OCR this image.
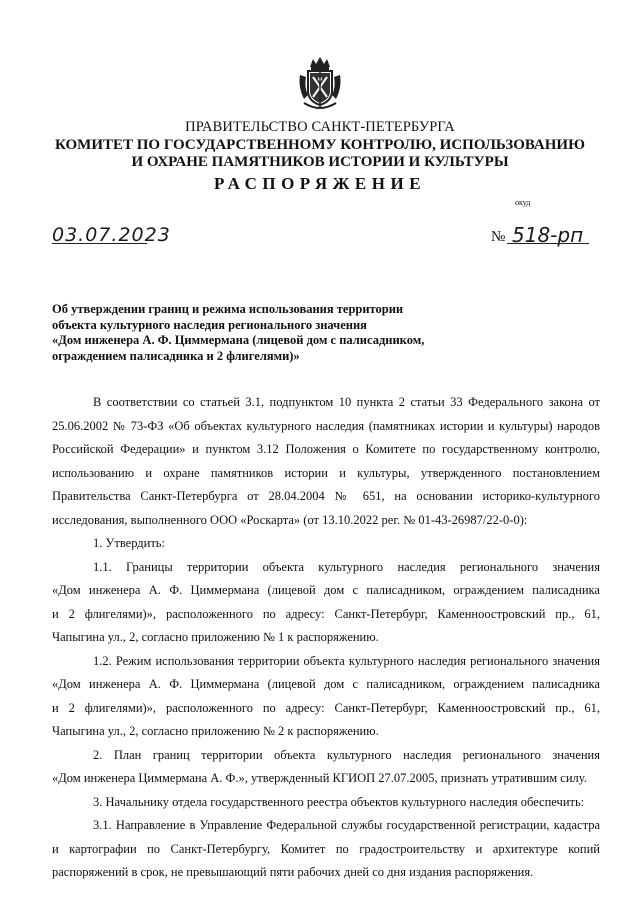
ПРАВИТЕЛЬСТВО САНКТ-ПЕТЕРБУРГА
КОМИТЕТ ПО ГОСУДАРСТВЕННОМУ КОНТРОЛЮ, ИСПОЛЬЗОВАНИЮ
И ОХРАНЕ ПАМЯТНИКОВ ИСТОРИИ И КУЛЬТУРЫ
РАСПОРЯЖЕНИЕ
окуд
03.07.2023	№ 518-рп
Об утверждении границ и режима использования территории
объекта культурного наследия регионального значения
«Дом инженера А. Ф. Циммермана (лицевой дом с палисадником,
ограждением палисадника и 2 флигелями)»
В соответствии со статьей 3.1, подпунктом 10 пункта 2 статьи 33 Федерального закона от
25.06.2002 № 73-ФЗ «Об объектах культурного наследия (памятниках истории и культуры) народов
Российской Федерации» и пунктом 3.12 Положения о Комитете по государственному контролю,
использованию и охране памятников истории и культуры, утвержденного постановлением
Правительства Санкт-Петербурга от 28.04.2004 № 651, на основании историко-культурного
исследования, выполненного ООО «Роскарта» (от 13.10.2022 рег. № 01-43-26987/22-0-0):
1. Утвердить:
1.1. Границы территории объекта культурного наследия регионального значения
«Дом инженера А. Ф. Циммермана (лицевой дом с палисадником, ограждением палисадника
и 2 флигелями)», расположенного по адресу: Санкт-Петербург, Каменноостровский пр., 61,
Чапыгина ул., 2, согласно приложению № 1 к распоряжению.
1.2. Режим использования территории объекта культурного наследия регионального значения
«Дом инженера А. Ф. Циммермана (лицевой дом с палисадником, ограждением палисадника
и 2 флигелями)», расположенного по адресу: Санкт-Петербург, Каменноостровский пр., 61,
Чапыгина ул., 2, согласно приложению № 2 к распоряжению.
2. План границ территории объекта культурного наследия регионального значения
«Дом инженера Циммермана А. Ф.», утвержденный КГИОП 27.07.2005, признать утратившим силу.
3. Начальнику отдела государственного реестра объектов культурного наследия обеспечить:
3.1. Направление в Управление Федеральной службы государственной регистрации, кадастра
и картографии по Санкт-Петербургу, Комитет по градостроительству и архитектуре копий
распоряжений в срок, не превышающий пяти рабочих дней со дня издания распоряжения.
